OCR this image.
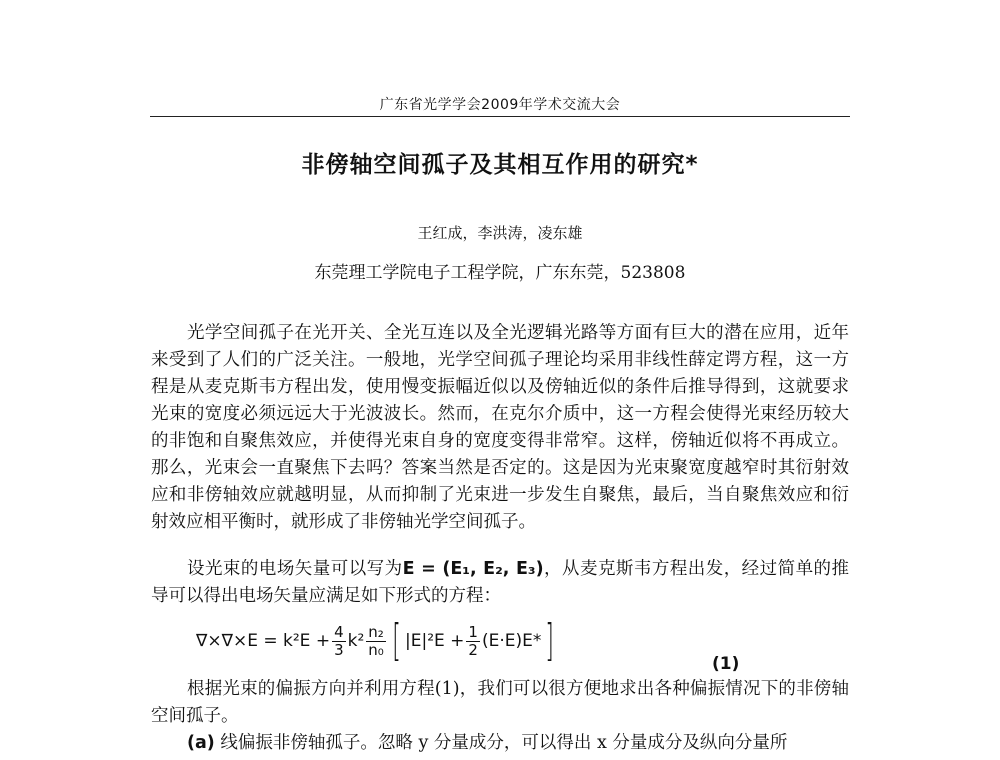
广东省光学学会2009年学术交流大会
非傍轴空间孤子及其相互作用的研究*
王红成，李洪涛，凌东雄
东莞理工学院电子工程学院，广东东莞，523808

光学空间孤子在光开关、全光互连以及全光逻辑光路等方面有巨大的潜在应用，近年来受到了人们的广泛关注。一般地，光学空间孤子理论均采用非线性薛定谔方程，这一方程是从麦克斯韦方程出发，使用慢变振幅近似以及傍轴近似的条件后推导得到，这就要求光束的宽度必须远远大于光波波长。然而，在克尔介质中，这一方程会使得光束经历较大的非饱和自聚焦效应，并使得光束自身的宽度变得非常窄。这样，傍轴近似将不再成立。那么，光束会一直聚焦下去吗？答案当然是否定的。这是因为光束聚宽度越窄时其衍射效应和非傍轴效应就越明显，从而抑制了光束进一步发生自聚焦，最后，当自聚焦效应和衍射效应相平衡时，就形成了非傍轴光学空间孤子。

设光束的电场矢量可以写为E = (E₁, E₂, E₃)，从麦克斯韦方程出发，经过简单的推导可以得出电场矢量应满足如下形式的方程：

$\nabla\times\nabla\times E = k^2E + \frac{4}{3} k^2 \frac{\text{n₂}}{\text{n₀}}$ [ $|E|^2E + \frac{1}{2} (E\cdot E)E*$ ]	(1)

根据光束的偏振方向并利用方程(1)，我们可以很方便地求出各种偏振情况下的非傍轴空间孤子。

(a) 线偏振非傍轴孤子。忽略 y 分量成分，可以得出 x 分量成分及纵向分量所
